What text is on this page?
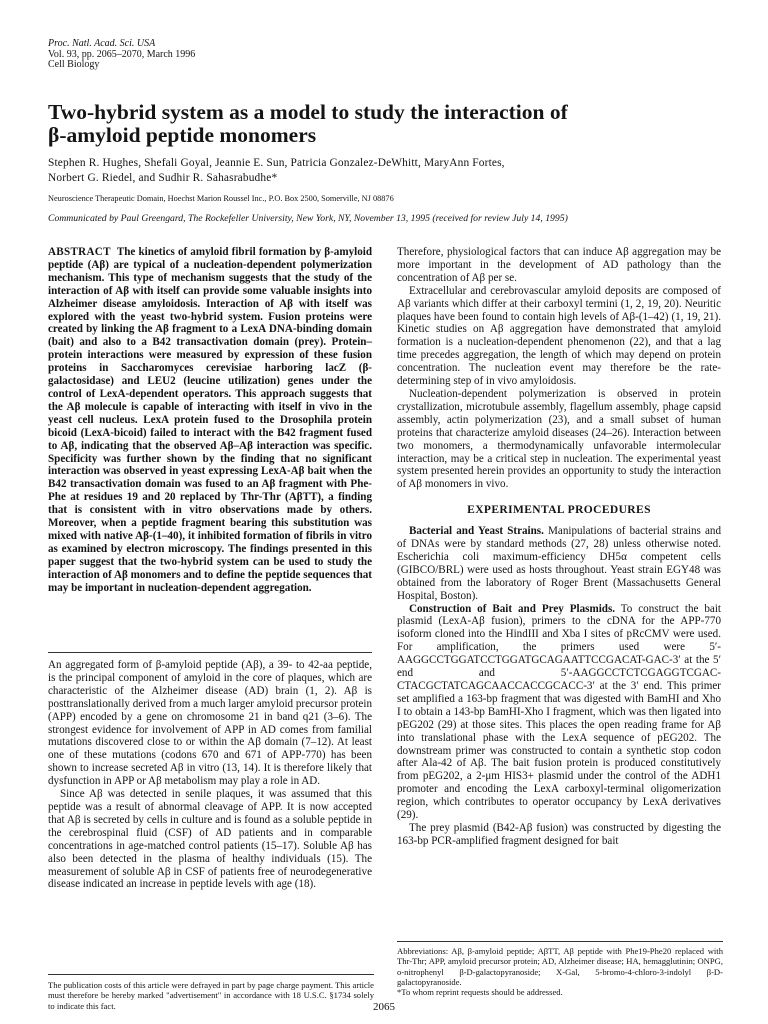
Proc. Natl. Acad. Sci. USA
Vol. 93, pp. 2065–2070, March 1996
Cell Biology
Two-hybrid system as a model to study the interaction of
β-amyloid peptide monomers
Stephen R. Hughes, Shefali Goyal, Jeannie E. Sun, Patricia Gonzalez-DeWhitt, MaryAnn Fortes,
Norbert G. Riedel, and Sudhir R. Sahasrabudhe*
Neuroscience Therapeutic Domain, Hoechst Marion Roussel Inc., P.O. Box 2500, Somerville, NJ 08876
Communicated by Paul Greengard, The Rockefeller University, New York, NY, November 13, 1995 (received for review July 14, 1995)

ABSTRACT The kinetics of amyloid fibril formation by β-amyloid peptide (Aβ) are typical of a nucleation-dependent polymerization mechanism. This type of mechanism suggests that the study of the interaction of Aβ with itself can provide some valuable insights into Alzheimer disease amyloidosis. Interaction of Aβ with itself was explored with the yeast two-hybrid system. Fusion proteins were created by linking the Aβ fragment to a LexA DNA-binding domain (bait) and also to a B42 transactivation domain (prey). Protein–protein interactions were measured by expression of these fusion proteins in Saccharomyces cerevisiae harboring lacZ (β-galactosidase) and LEU2 (leucine utilization) genes under the control of LexA-dependent operators. This approach suggests that the Aβ molecule is capable of interacting with itself in vivo in the yeast cell nucleus. LexA protein fused to the Drosophila protein bicoid (LexA-bicoid) failed to interact with the B42 fragment fused to Aβ, indicating that the observed Aβ–Aβ interaction was specific. Specificity was further shown by the finding that no significant interaction was observed in yeast expressing LexA-Aβ bait when the B42 transactivation domain was fused to an Aβ fragment with Phe-Phe at residues 19 and 20 replaced by Thr-Thr (AβTT), a finding that is consistent with in vitro observations made by others. Moreover, when a peptide fragment bearing this substitution was mixed with native Aβ-(1–40), it inhibited formation of fibrils in vitro as examined by electron microscopy. The findings presented in this paper suggest that the two-hybrid system can be used to study the interaction of Aβ monomers and to define the peptide sequences that may be important in nucleation-dependent aggregation.

An aggregated form of β-amyloid peptide (Aβ), a 39- to 42-aa peptide, is the principal component of amyloid in the core of plaques, which are characteristic of the Alzheimer disease (AD) brain (1, 2). Aβ is posttranslationally derived from a much larger amyloid precursor protein (APP) encoded by a gene on chromosome 21 in band q21 (3–6). The strongest evidence for involvement of APP in AD comes from familial mutations discovered close to or within the Aβ domain (7–12). At least one of these mutations (codons 670 and 671 of APP-770) has been shown to increase secreted Aβ in vitro (13, 14). It is therefore likely that dysfunction in APP or Aβ metabolism may play a role in AD.

Since Aβ was detected in senile plaques, it was assumed that this peptide was a result of abnormal cleavage of APP. It is now accepted that Aβ is secreted by cells in culture and is found as a soluble peptide in the cerebrospinal fluid (CSF) of AD patients and in comparable concentrations in age-matched control patients (15–17). Soluble Aβ has also been detected in the plasma of healthy individuals (15). The measurement of soluble Aβ in CSF of patients free of neurodegenerative disease indicated an increase in peptide levels with age (18).

Therefore, physiological factors that can induce Aβ aggregation may be more important in the development of AD pathology than the concentration of Aβ per se.

Extracellular and cerebrovascular amyloid deposits are composed of Aβ variants which differ at their carboxyl termini (1, 2, 19, 20). Neuritic plaques have been found to contain high levels of Aβ-(1–42) (1, 19, 21). Kinetic studies on Aβ aggregation have demonstrated that amyloid formation is a nucleation-dependent phenomenon (22), and that a lag time precedes aggregation, the length of which may depend on protein concentration. The nucleation event may therefore be the rate-determining step of in vivo amyloidosis.

Nucleation-dependent polymerization is observed in protein crystallization, microtubule assembly, flagellum assembly, phage capsid assembly, actin polymerization (23), and a small subset of human proteins that characterize amyloid diseases (24–26). Interaction between two monomers, a thermodynamically unfavorable intermolecular interaction, may be a critical step in nucleation. The experimental yeast system presented herein provides an opportunity to study the interaction of Aβ monomers in vivo.

EXPERIMENTAL PROCEDURES

Bacterial and Yeast Strains. Manipulations of bacterial strains and of DNAs were by standard methods (27, 28) unless otherwise noted. Escherichia coli maximum-efficiency DH5α competent cells (GIBCO/BRL) were used as hosts throughout. Yeast strain EGY48 was obtained from the laboratory of Roger Brent (Massachusetts General Hospital, Boston).

Construction of Bait and Prey Plasmids. To construct the bait plasmid (LexA-Aβ fusion), primers to the cDNA for the APP-770 isoform cloned into the HindIII and Xba I sites of pRcCMV were used. For amplification, the primers used were 5′-AAGGCCTGGATCCTGGATGCAGAATTCCGACAT-GAC-3′ at the 5′ end and 5′-AAGGCCTCTCGAGGTCGAC-CTACGCTATCAGCAACCACCGCACC-3′ at the 3′ end. This primer set amplified a 163-bp fragment that was digested with BamHI and Xho I to obtain a 143-bp BamHI-Xho I fragment, which was then ligated into pEG202 (29) at those sites. This places the open reading frame for Aβ into translational phase with the LexA sequence of pEG202. The downstream primer was constructed to contain a synthetic stop codon after Ala-42 of Aβ. The bait fusion protein is produced constitutively from pEG202, a 2-μm HIS3+ plasmid under the control of the ADH1 promoter and encoding the LexA carboxyl-terminal oligomerization region, which contributes to operator occupancy by LexA derivatives (29).

The prey plasmid (B42-Aβ fusion) was constructed by digesting the 163-bp PCR-amplified fragment designed for bait

The publication costs of this article were defrayed in part by page charge payment. This article must therefore be hereby marked "advertisement" in accordance with 18 U.S.C. §1734 solely to indicate this fact.
Abbreviations: Aβ, β-amyloid peptide; AβTT, Aβ peptide with Phe19-Phe20 replaced with Thr-Thr; APP, amyloid precursor protein; AD, Alzheimer disease; HA, hemagglutinin; ONPG, o-nitrophenyl β-D-galactopyranoside; X-Gal, 5-bromo-4-chloro-3-indolyl β-D-galactopyranoside.
*To whom reprint requests should be addressed.
2065
